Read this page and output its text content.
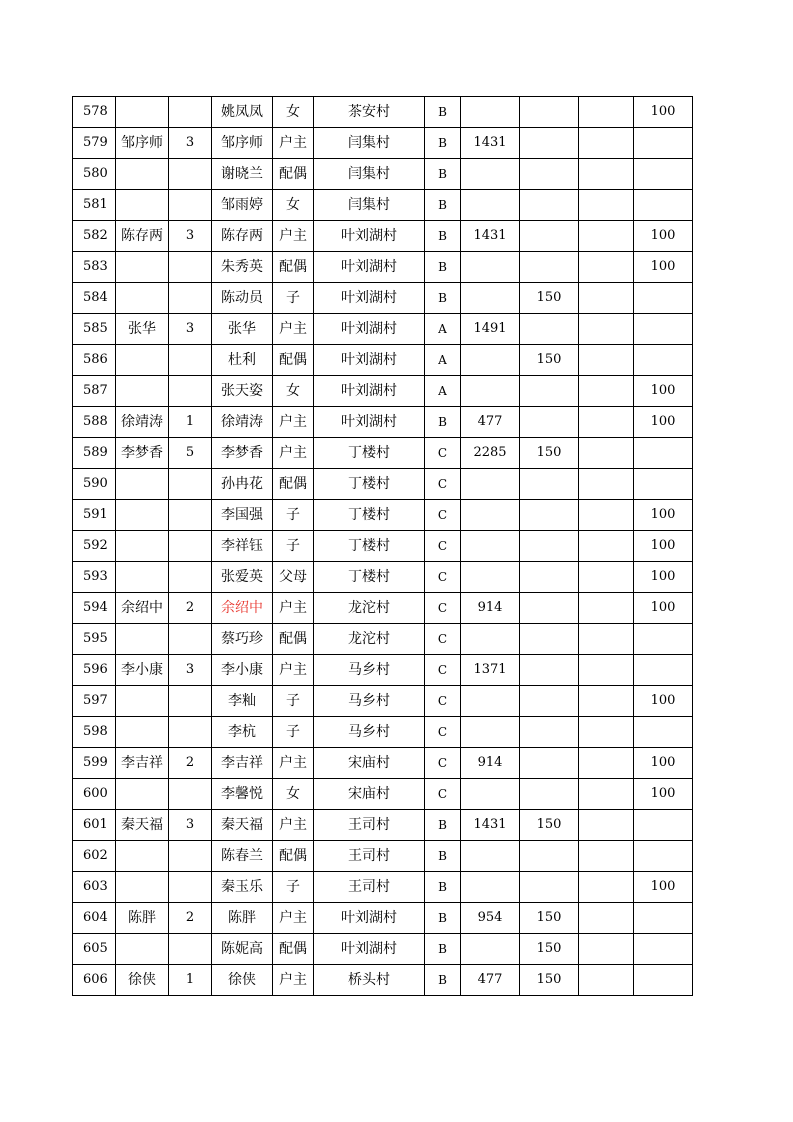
578			姚凤凤	女	茶安村	B				100
579	邹序师	3	邹序师	户主	闫集村	B	1431			
580			谢晓兰	配偶	闫集村	B				
581			邹雨婷	女	闫集村	B				
582	陈存两	3	陈存两	户主	叶刘湖村	B	1431			100
583			朱秀英	配偶	叶刘湖村	B				100
584			陈动员	子	叶刘湖村	B		150		
585	张华	3	张华	户主	叶刘湖村	A	1491			
586			杜利	配偶	叶刘湖村	A		150		
587			张天姿	女	叶刘湖村	A				100
588	徐靖涛	1	徐靖涛	户主	叶刘湖村	B	477			100
589	李梦香	5	李梦香	户主	丁楼村	C	2285	150		
590			孙冉花	配偶	丁楼村	C				
591			李国强	子	丁楼村	C				100
592			李祥钰	子	丁楼村	C				100
593			张爱英	父母	丁楼村	C				100
594	余绍中	2	余绍中	户主	龙沱村	C	914			100
595			蔡巧珍	配偶	龙沱村	C				
596	李小康	3	李小康	户主	马乡村	C	1371			
597			李籼	子	马乡村	C				100
598			李杭	子	马乡村	C				
599	李吉祥	2	李吉祥	户主	宋庙村	C	914			100
600			李馨悦	女	宋庙村	C				100
601	秦天福	3	秦天福	户主	王司村	B	1431	150		
602			陈春兰	配偶	王司村	B				
603			秦玉乐	子	王司村	B				100
604	陈胖	2	陈胖	户主	叶刘湖村	B	954	150		
605			陈妮高	配偶	叶刘湖村	B		150		
606	徐侠	1	徐侠	户主	桥头村	B	477	150		
